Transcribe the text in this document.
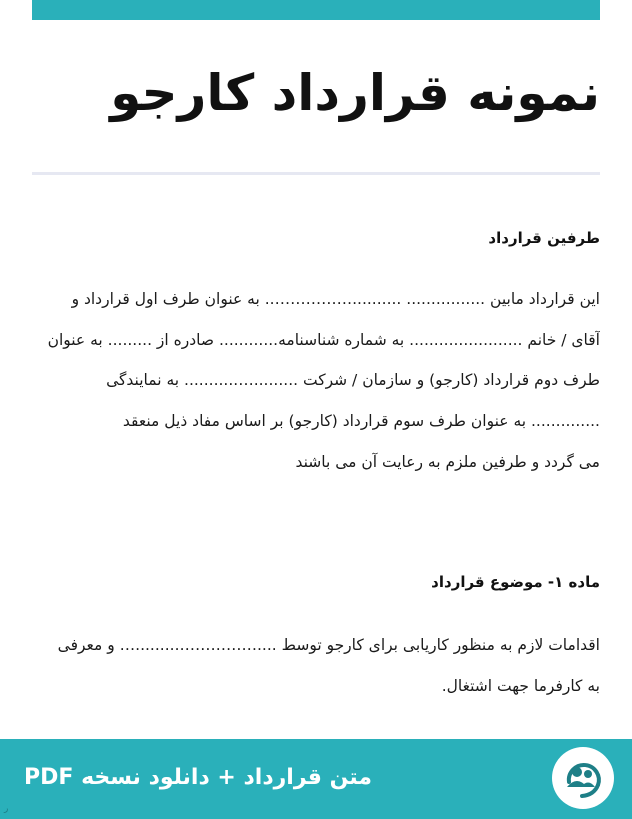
نمونه قرارداد کارجو
طرفین قرارداد

این قرارداد مابین ................ ..........…………….. به عنوان طرف اول قرارداد و

آقای / خانم ....................... به شماره شناسنامه............ صادره از ......... به عنوان

طرف دوم قرارداد (کارجو) و سازمان / شرکت .........…........... به نمایندگی

.............. به عنوان طرف سوم قرارداد (کارجو) بر اساس مفاد ذیل منعقد

می گردد و طرفین ملزم به رعایت آن می باشند

ماده ۱- موضوع قرارداد

اقدامات لازم به منظور کاریابی برای کارجو توسط ....…………….........… و معرفی

به کارفرما جهت اشتغال.

متن قرارداد + دانلود نسخه PDF
ر
